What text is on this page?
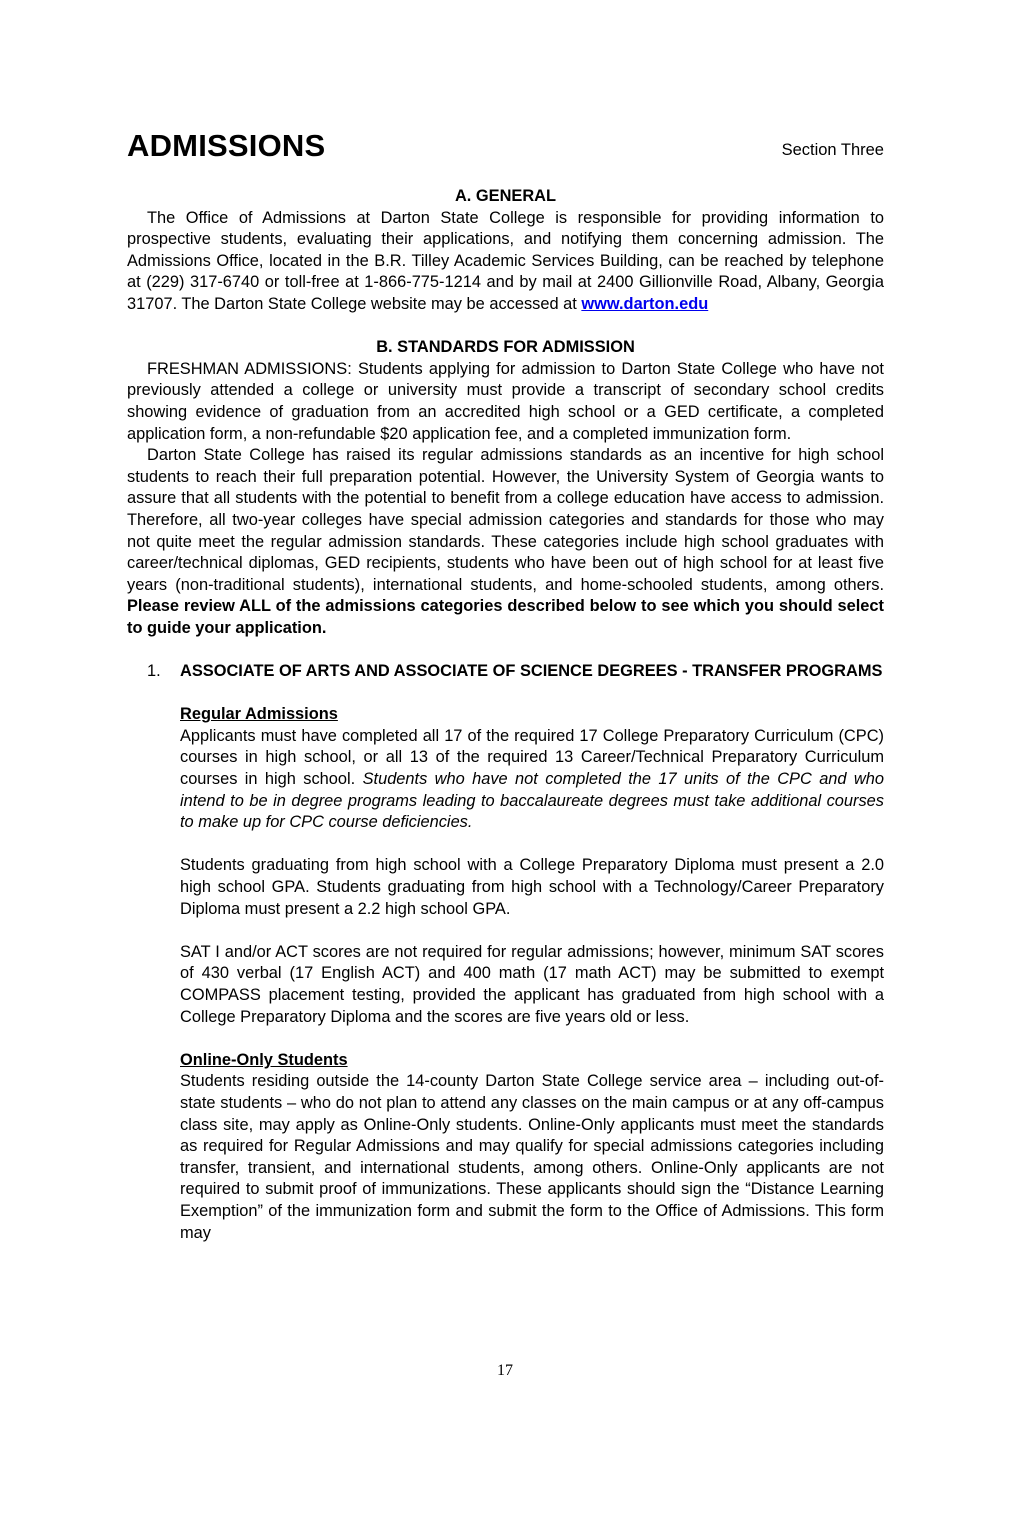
ADMISSIONS	Section Three

A. GENERAL

The Office of Admissions at Darton State College is responsible for providing information to prospective students, evaluating their applications, and notifying them concerning admission. The Admissions Office, located in the B.R. Tilley Academic Services Building, can be reached by telephone at (229) 317-6740 or toll-free at 1-866-775-1214 and by mail at 2400 Gillionville Road, Albany, Georgia 31707. The Darton State College website may be accessed at www.darton.edu

B. STANDARDS FOR ADMISSION

FRESHMAN ADMISSIONS: Students applying for admission to Darton State College who have not previously attended a college or university must provide a transcript of secondary school credits showing evidence of graduation from an accredited high school or a GED certificate, a completed application form, a non-refundable $20 application fee, and a completed immunization form.

Darton State College has raised its regular admissions standards as an incentive for high school students to reach their full preparation potential. However, the University System of Georgia wants to assure that all students with the potential to benefit from a college education have access to admission. Therefore, all two-year colleges have special admission categories and standards for those who may not quite meet the regular admission standards. These categories include high school graduates with career/technical diplomas, GED recipients, students who have been out of high school for at least five years (non-traditional students), international students, and home-schooled students, among others. Please review ALL of the admissions categories described below to see which you should select to guide your application.

1. ASSOCIATE OF ARTS AND ASSOCIATE OF SCIENCE DEGREES - TRANSFER PROGRAMS

Regular Admissions

Applicants must have completed all 17 of the required 17 College Preparatory Curriculum (CPC) courses in high school, or all 13 of the required 13 Career/Technical Preparatory Curriculum courses in high school. Students who have not completed the 17 units of the CPC and who intend to be in degree programs leading to baccalaureate degrees must take additional courses to make up for CPC course deficiencies.

Students graduating from high school with a College Preparatory Diploma must present a 2.0 high school GPA. Students graduating from high school with a Technology/Career Preparatory Diploma must present a 2.2 high school GPA.

SAT I and/or ACT scores are not required for regular admissions; however, minimum SAT scores of 430 verbal (17 English ACT) and 400 math (17 math ACT) may be submitted to exempt COMPASS placement testing, provided the applicant has graduated from high school with a College Preparatory Diploma and the scores are five years old or less.

Online-Only Students

Students residing outside the 14-county Darton State College service area – including out-of-state students – who do not plan to attend any classes on the main campus or at any off-campus class site, may apply as Online-Only students. Online-Only applicants must meet the standards as required for Regular Admissions and may qualify for special admissions categories including transfer, transient, and international students, among others. Online-Only applicants are not required to submit proof of immunizations. These applicants should sign the “Distance Learning Exemption” of the immunization form and submit the form to the Office of Admissions. This form may

17
